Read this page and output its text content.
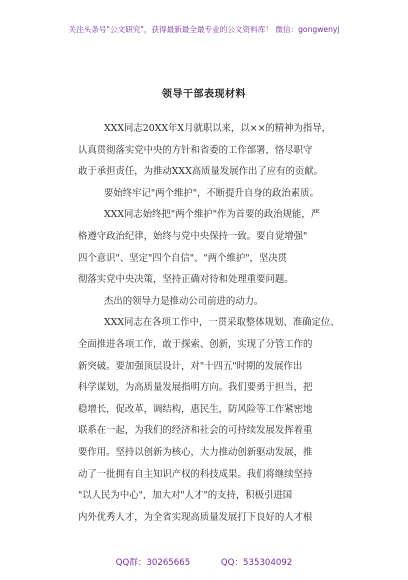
关注头条号"公文研究"，获得最新最全最专业的公文资料库！ 微信：gongwenyj
领导干部表现材料
XXX同志20XX年X月就职以来，以××的精神为指导，
认真贯彻落实党中央的方针和省委的工作部署，恪尽职守
敢于承担责任，为推动XXX高质量发展作出了应有的贡献。
要始终牢记"两个维护"，不断提升自身的政治素质。
XXX同志始终把"两个维护"作为首要的政治规能，严
格遵守政治纪律，始终与党中央保持一致。要自觉增强"
四个意识"、坚定"四个自信"、"两个维护"，坚决贯
彻落实党中央决策，坚持正确对待和处理重要问题。
杰出的领导力是推动公司前进的动力。
XXX同志在各项工作中，一贯采取整体规划、准确定位、
全面推进各项工作，敢于探索、创新，实现了分管工作的
新突破。要加强顶层设计，对"十四五"时期的发展作出
科学谋划，为高质量发展指明方向。我们要勇于担当，把
稳增长，促改革，调结构，惠民生，防风险等工作紧密地
联系在一起，为我们的经济和社会的可持续发展发挥着重
要作用。坚持以创新为核心，大力推动创新驱动发展，推
动了一批拥有自主知识产权的科技成果。我们将继续坚持
"以人民为中心"，加大对"人才"的支持，积极引进国
内外优秀人才，为全省实现高质量发展打下良好的人才根
QQ群：30265665	QQ：535304092
